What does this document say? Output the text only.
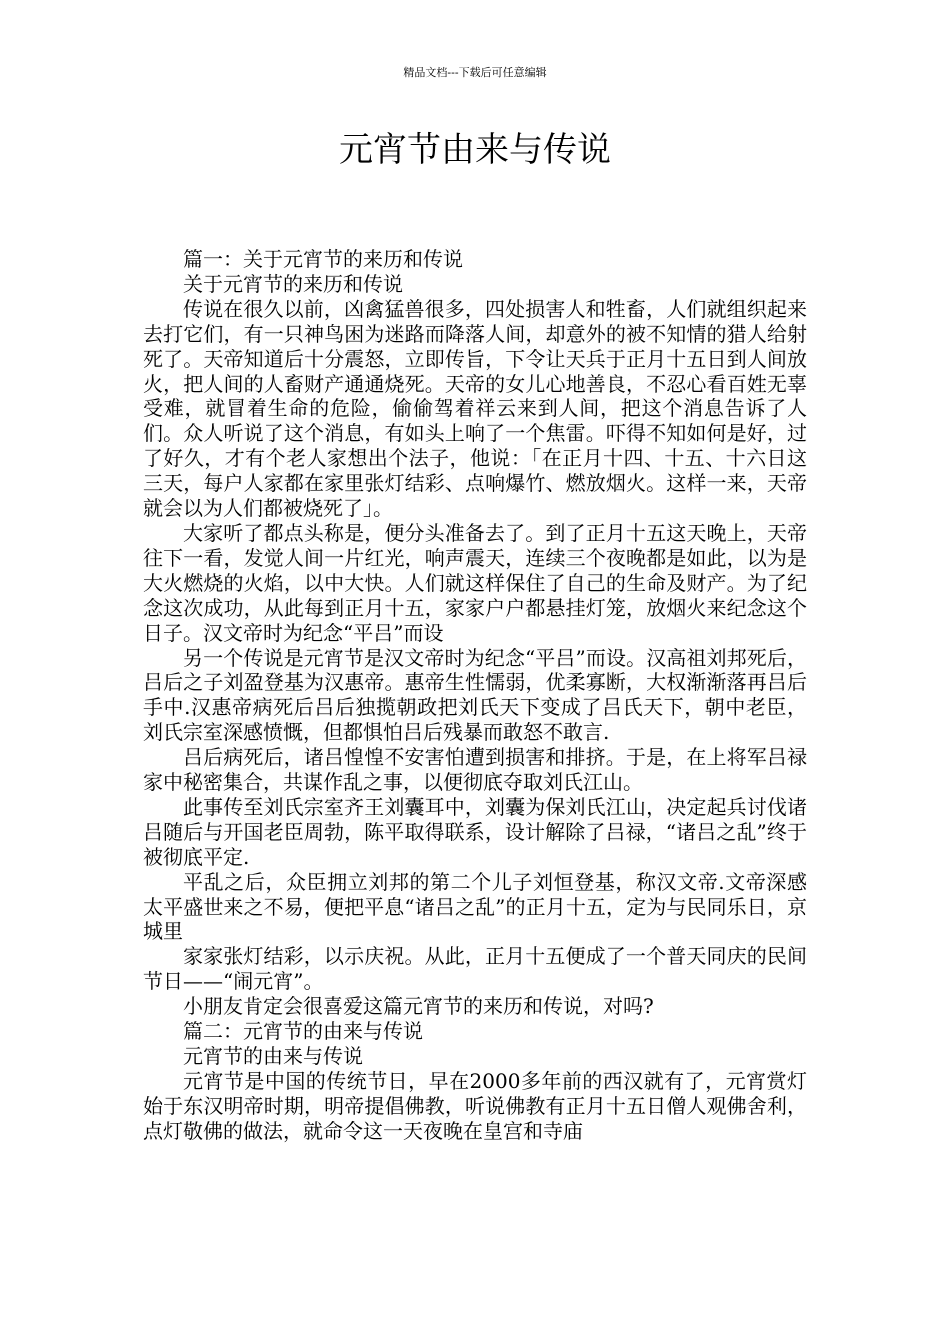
精品文档---下载后可任意编辑
元宵节由来与传说

篇一：关于元宵节的来历和传说

关于元宵节的来历和传说

传说在很久以前，凶禽猛兽很多，四处损害人和牲畜，人们就组织起来去打它们，有一只神鸟困为迷路而降落人间，却意外的被不知情的猎人给射死了。天帝知道后十分震怒，立即传旨，下令让天兵于正月十五日到人间放火，把人间的人畜财产通通烧死。天帝的女儿心地善良，不忍心看百姓无辜受难，就冒着生命的危险，偷偷驾着祥云来到人间，把这个消息告诉了人们。众人听说了这个消息，有如头上响了一个焦雷。吓得不知如何是好，过了好久，才有个老人家想出个法子，他说：「在正月十四、十五、十六日这三天，每户人家都在家里张灯结彩、点响爆竹、燃放烟火。这样一来，天帝就会以为人们都被烧死了」。

大家听了都点头称是，便分头准备去了。到了正月十五这天晚上，天帝往下一看，发觉人间一片红光，响声震天，连续三个夜晚都是如此，以为是大火燃烧的火焰，以中大快。人们就这样保住了自己的生命及财产。为了纪念这次成功，从此每到正月十五，家家户户都悬挂灯笼，放烟火来纪念这个日子。汉文帝时为纪念“平吕”而设

另一个传说是元宵节是汉文帝时为纪念“平吕”而设。汉高祖刘邦死后，吕后之子刘盈登基为汉惠帝。惠帝生性懦弱，优柔寡断，大权渐渐落再吕后手中.汉惠帝病死后吕后独揽朝政把刘氏天下变成了吕氏天下，朝中老臣，刘氏宗室深感愤慨，但都惧怕吕后残暴而敢怒不敢言.

吕后病死后，诸吕惶惶不安害怕遭到损害和排挤。于是，在上将军吕禄家中秘密集合，共谋作乱之事，以便彻底夺取刘氏江山。

此事传至刘氏宗室齐王刘囊耳中，刘囊为保刘氏江山，决定起兵讨伐诸吕随后与开国老臣周勃，陈平取得联系，设计解除了吕禄，“诸吕之乱”终于被彻底平定.

平乱之后，众臣拥立刘邦的第二个儿子刘恒登基，称汉文帝.文帝深感太平盛世来之不易，便把平息“诸吕之乱”的正月十五，定为与民同乐日，京城里

家家张灯结彩，以示庆祝。从此，正月十五便成了一个普天同庆的民间节日——“闹元宵”。

小朋友肯定会很喜爱这篇元宵节的来历和传说，对吗?

篇二：元宵节的由来与传说

元宵节的由来与传说

元宵节是中国的传统节日，早在2000多年前的西汉就有了，元宵赏灯始于东汉明帝时期，明帝提倡佛教，听说佛教有正月十五日僧人观佛舍利，点灯敬佛的做法，就命令这一天夜晚在皇宫和寺庙
